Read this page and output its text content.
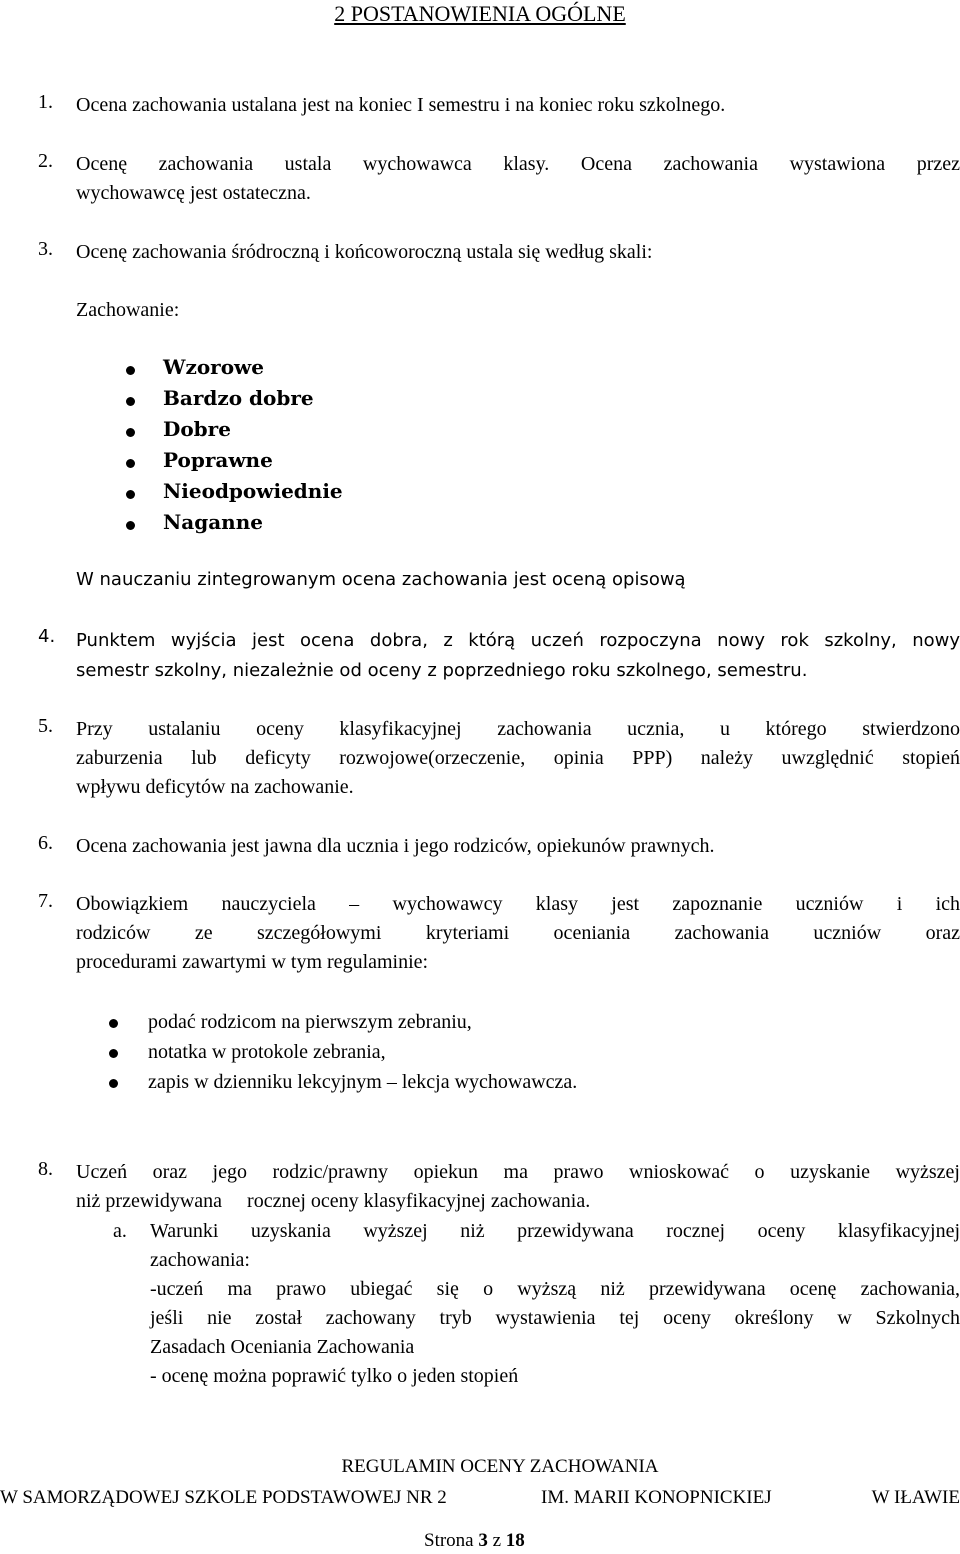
2 POSTANOWIENIA OGÓLNE
1. Ocena zachowania ustalana jest na koniec I semestru i na koniec roku szkolnego.
2. Ocenę zachowania ustala wychowawca klasy. Ocena zachowania wystawiona przez
wychowawcę jest ostateczna.
3. Ocenę zachowania śródroczną i końcoworoczną ustala się według skali:
Zachowanie:
Wzorowe
Bardzo dobre
Dobre
Poprawne
Nieodpowiednie
Naganne
W nauczaniu zintegrowanym ocena zachowania jest oceną opisową
4. Punktem wyjścia jest ocena dobra, z którą uczeń rozpoczyna nowy rok szkolny, nowy
semestr szkolny, niezależnie od oceny z poprzedniego roku szkolnego, semestru.
5. Przy ustalaniu oceny klasyfikacyjnej zachowania ucznia, u którego stwierdzono
zaburzenia lub deficyty rozwojowe(orzeczenie, opinia PPP) należy uwzględnić stopień
wpływu deficytów na zachowanie.
6. Ocena zachowania jest jawna dla ucznia i jego rodziców, opiekunów prawnych.
7. Obowiązkiem nauczyciela – wychowawcy klasy jest zapoznanie uczniów i ich
rodziców ze szczegółowymi kryteriami oceniania zachowania uczniów oraz
procedurami zawartymi w tym regulaminie:
podać rodzicom na pierwszym zebraniu,
notatka w protokole zebrania,
zapis w dzienniku lekcyjnym – lekcja wychowawcza.
8. Uczeń oraz jego rodzic/prawny opiekun ma prawo wnioskować o uzyskanie wyższej
niż przewidywana     rocznej oceny klasyfikacyjnej zachowania.
a. Warunki uzyskania wyższej niż przewidywana rocznej oceny klasyfikacyjnej
zachowania:
-uczeń ma prawo ubiegać się o wyższą niż przewidywana ocenę zachowania,
jeśli nie został zachowany tryb wystawienia tej oceny określony w Szkolnych
Zasadach Oceniania Zachowania
- ocenę można poprawić tylko o jeden stopień
REGULAMIN OCENY ZACHOWANIA
W SAMORZĄDOWEJ SZKOLE PODSTAWOWEJ NR 2	IM. MARII KONOPNICKIEJ	W IŁAWIE
Strona 3 z 18
